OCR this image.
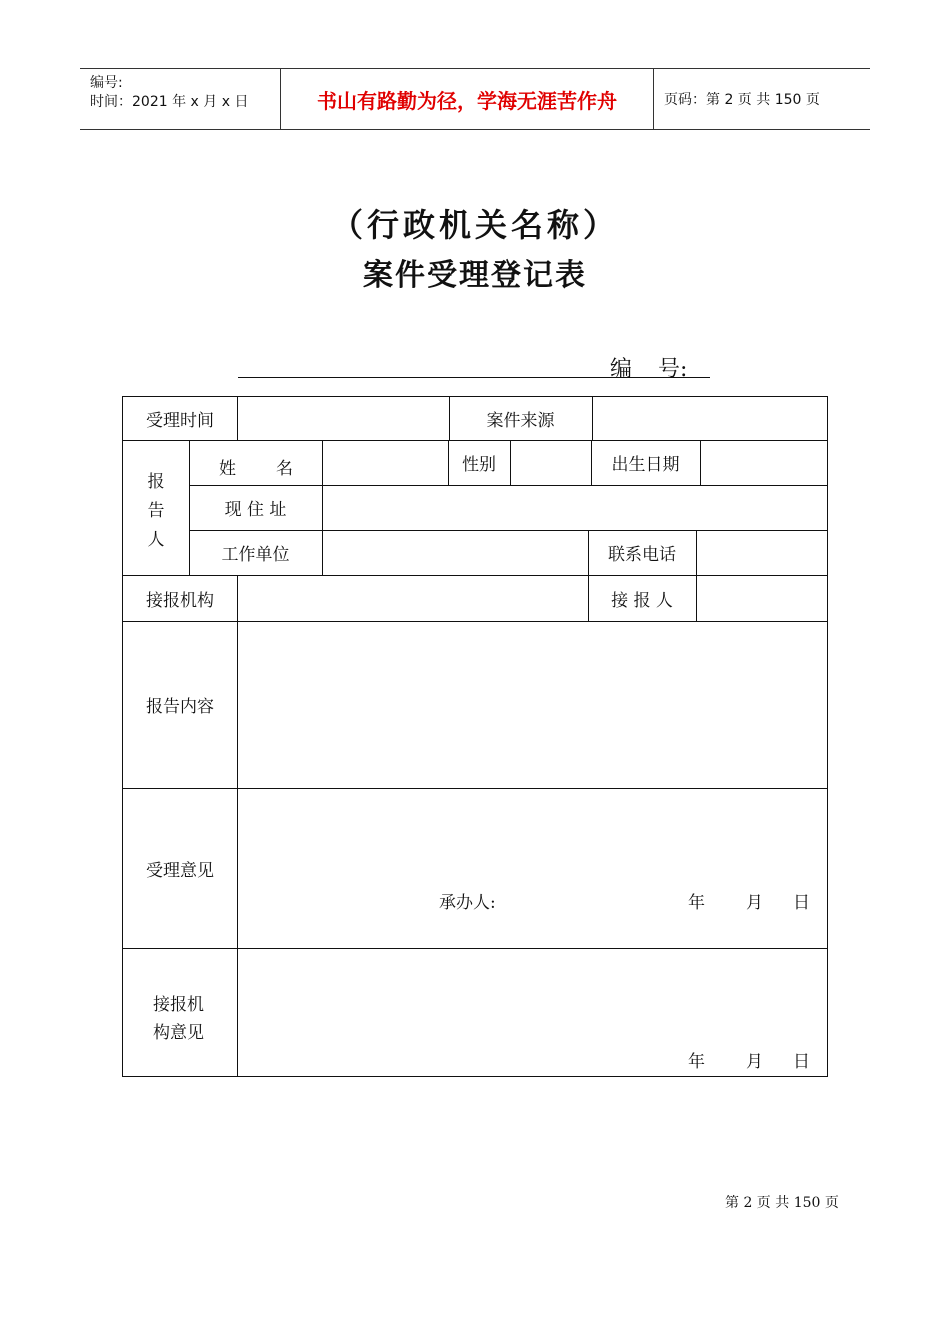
编号:
时间：2021 年 x 月 x 日	书山有路勤为径，学海无涯苦作舟	页码：第 2 页 共 150 页
（行政机关名称）
案件受理登记表
编 号:
受理时间	案件来源
报
告
人
姓 名	性别	出生日期
现 住 址
工作单位	联系电话
接报机构	接 报 人
报告内容
受理意见
承办人:	年 月 日
接报机
构意见
年 月 日
第 2 页 共 150 页
